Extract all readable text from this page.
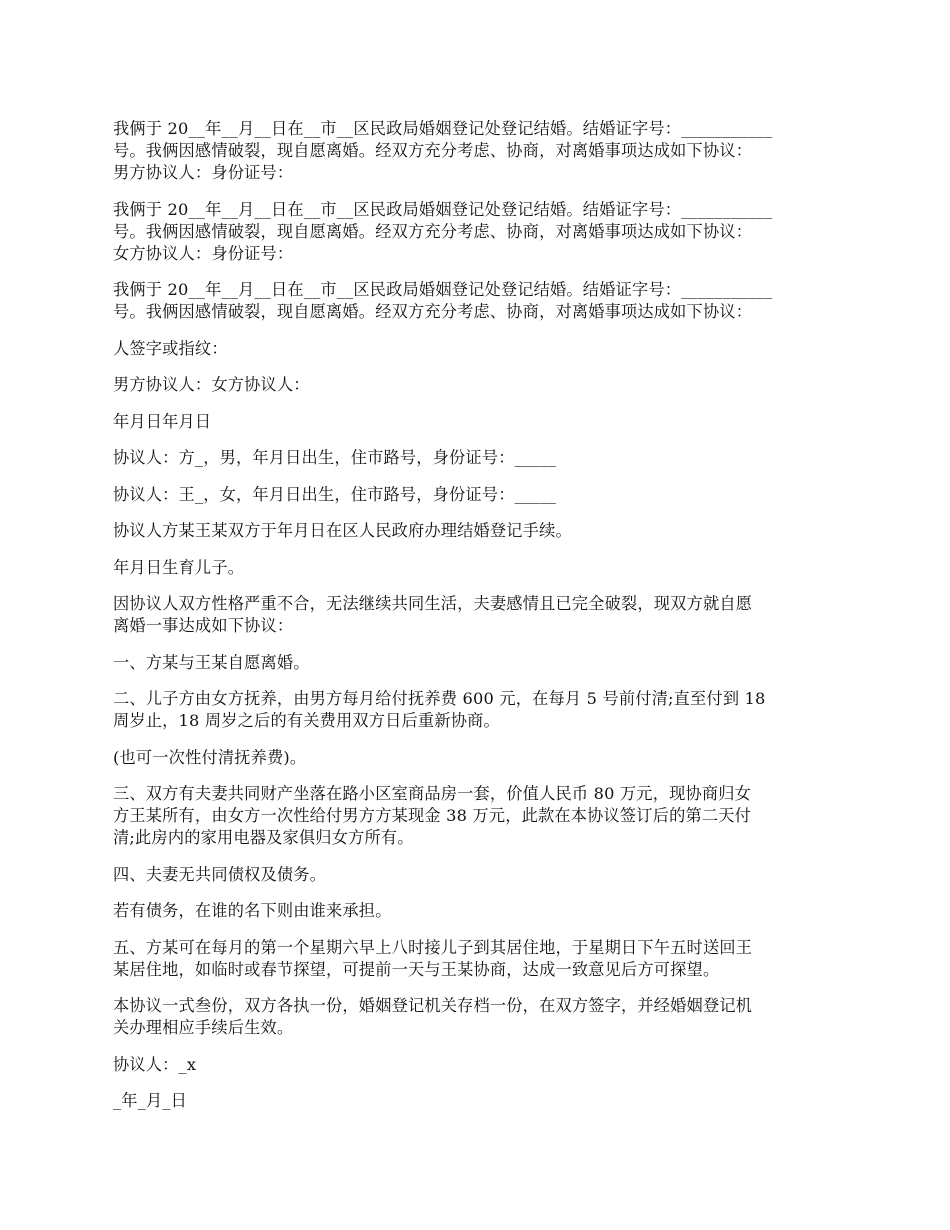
我俩于 20__年__月__日在__市__区民政局婚姻登记处登记结婚。结婚证字号：___________
号。我俩因感情破裂，现自愿离婚。经双方充分考虑、协商，对离婚事项达成如下协议：
男方协议人：身份证号：

我俩于 20__年__月__日在__市__区民政局婚姻登记处登记结婚。结婚证字号：___________
号。我俩因感情破裂，现自愿离婚。经双方充分考虑、协商，对离婚事项达成如下协议：
女方协议人：身份证号：

我俩于 20__年__月__日在__市__区民政局婚姻登记处登记结婚。结婚证字号：___________
号。我俩因感情破裂，现自愿离婚。经双方充分考虑、协商，对离婚事项达成如下协议：

人签字或指纹：

男方协议人：女方协议人：

年月日年月日

协议人：方_，男，年月日出生，住市路号，身份证号：_____

协议人：王_，女，年月日出生，住市路号，身份证号：_____

协议人方某王某双方于年月日在区人民政府办理结婚登记手续。

年月日生育儿子。

因协议人双方性格严重不合，无法继续共同生活，夫妻感情且已完全破裂，现双方就自愿
离婚一事达成如下协议：

一、方某与王某自愿离婚。

二、儿子方由女方抚养，由男方每月给付抚养费 600 元，在每月 5 号前付清;直至付到 18
周岁止，18 周岁之后的有关费用双方日后重新协商。

(也可一次性付清抚养费)。

三、双方有夫妻共同财产坐落在路小区室商品房一套，价值人民币 80 万元，现协商归女
方王某所有，由女方一次性给付男方方某现金 38 万元，此款在本协议签订后的第二天付
清;此房内的家用电器及家俱归女方所有。

四、夫妻无共同债权及债务。

若有债务，在谁的名下则由谁来承担。

五、方某可在每月的第一个星期六早上八时接儿子到其居住地，于星期日下午五时送回王
某居住地，如临时或春节探望，可提前一天与王某协商，达成一致意见后方可探望。

本协议一式叁份，双方各执一份，婚姻登记机关存档一份，在双方签字，并经婚姻登记机
关办理相应手续后生效。

协议人：_x

_年_月_日
